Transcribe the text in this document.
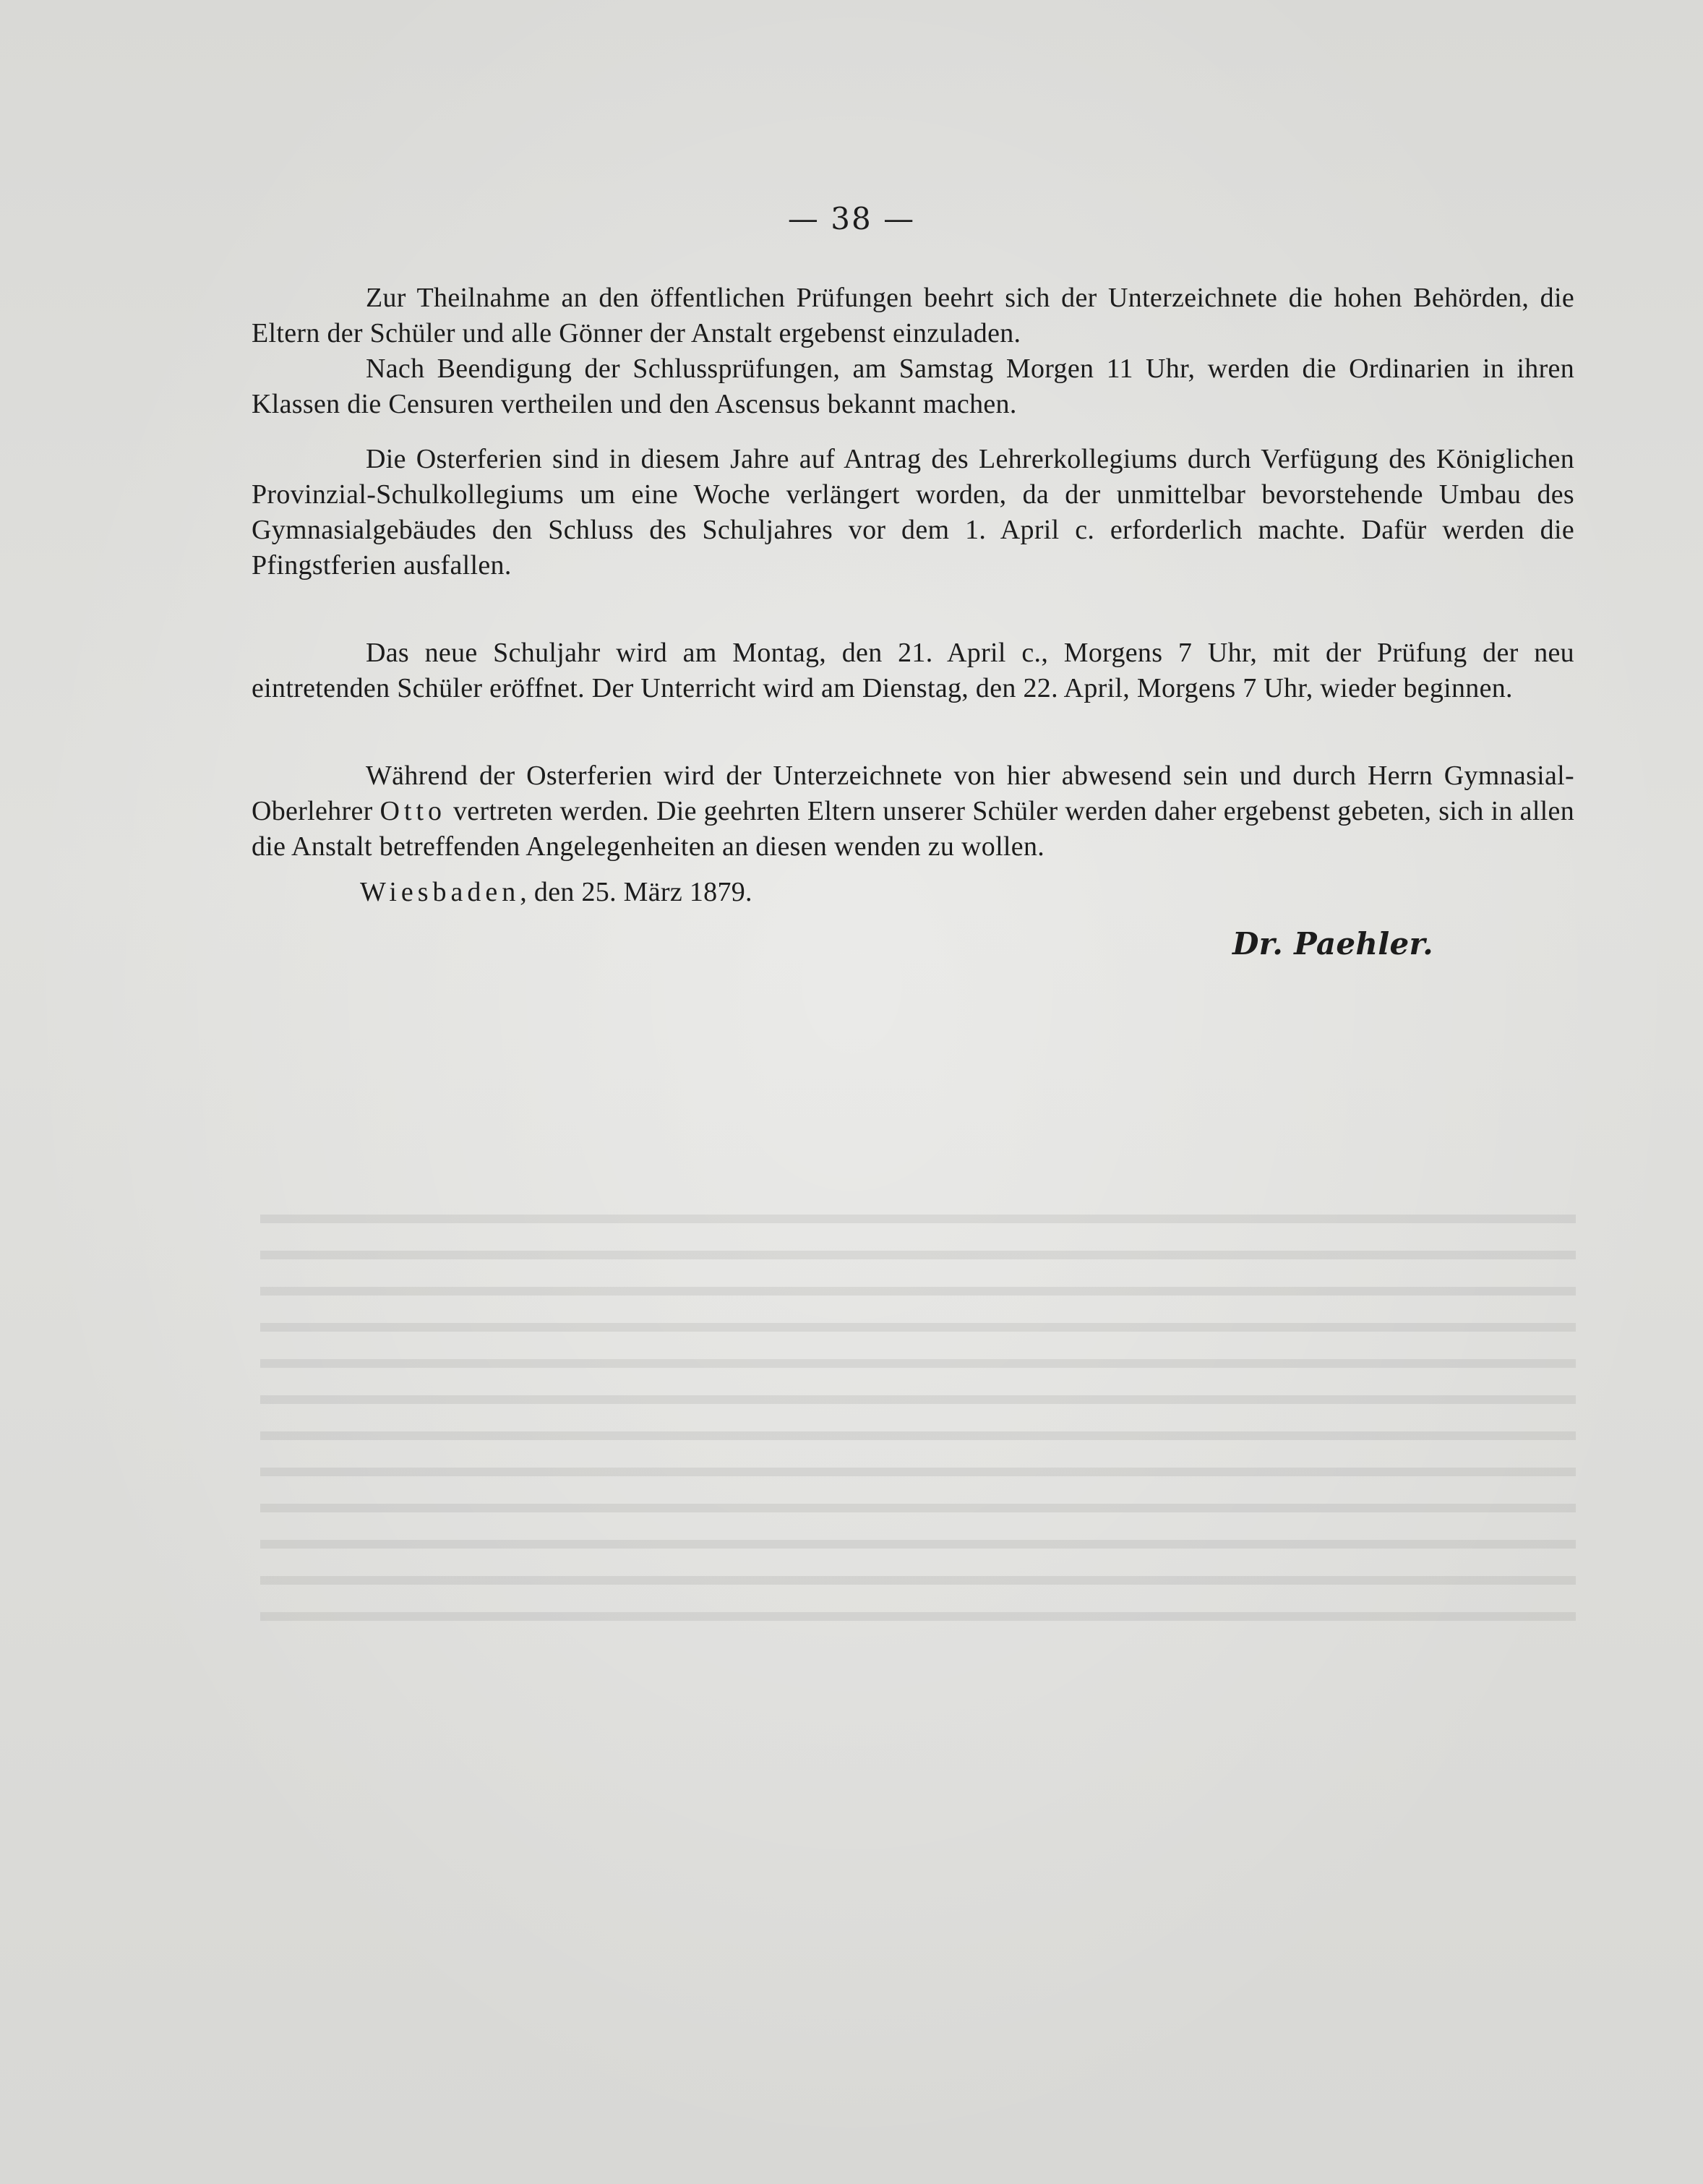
— 38 —

Zur Theilnahme an den öffentlichen Prüfungen beehrt sich der Unterzeichnete die hohen Behörden, die Eltern der Schüler und alle Gönner der Anstalt ergebenst einzuladen.

Nach Beendigung der Schlussprüfungen, am Samstag Morgen 11 Uhr, werden die Ordinarien in ihren Klassen die Censuren vertheilen und den Ascensus bekannt machen.

Die Osterferien sind in diesem Jahre auf Antrag des Lehrerkollegiums durch Verfügung des Königlichen Provinzial-Schulkollegiums um eine Woche verlängert worden, da der unmittelbar bevorstehende Umbau des Gymnasialgebäudes den Schluss des Schuljahres vor dem 1. April c. erforderlich machte. Dafür werden die Pfingstferien ausfallen.

Das neue Schuljahr wird am Montag, den 21. April c., Morgens 7 Uhr, mit der Prüfung der neu eintretenden Schüler eröffnet. Der Unterricht wird am Dienstag, den 22. April, Morgens 7 Uhr, wieder beginnen.

Während der Osterferien wird der Unterzeichnete von hier abwesend sein und durch Herrn Gymnasial-Oberlehrer Otto vertreten werden. Die geehrten Eltern unserer Schüler werden daher ergebenst gebeten, sich in allen die Anstalt betreffenden Angelegenheiten an diesen wenden zu wollen.

Wiesbaden, den 25. März 1879.

Dr. Paehler.
